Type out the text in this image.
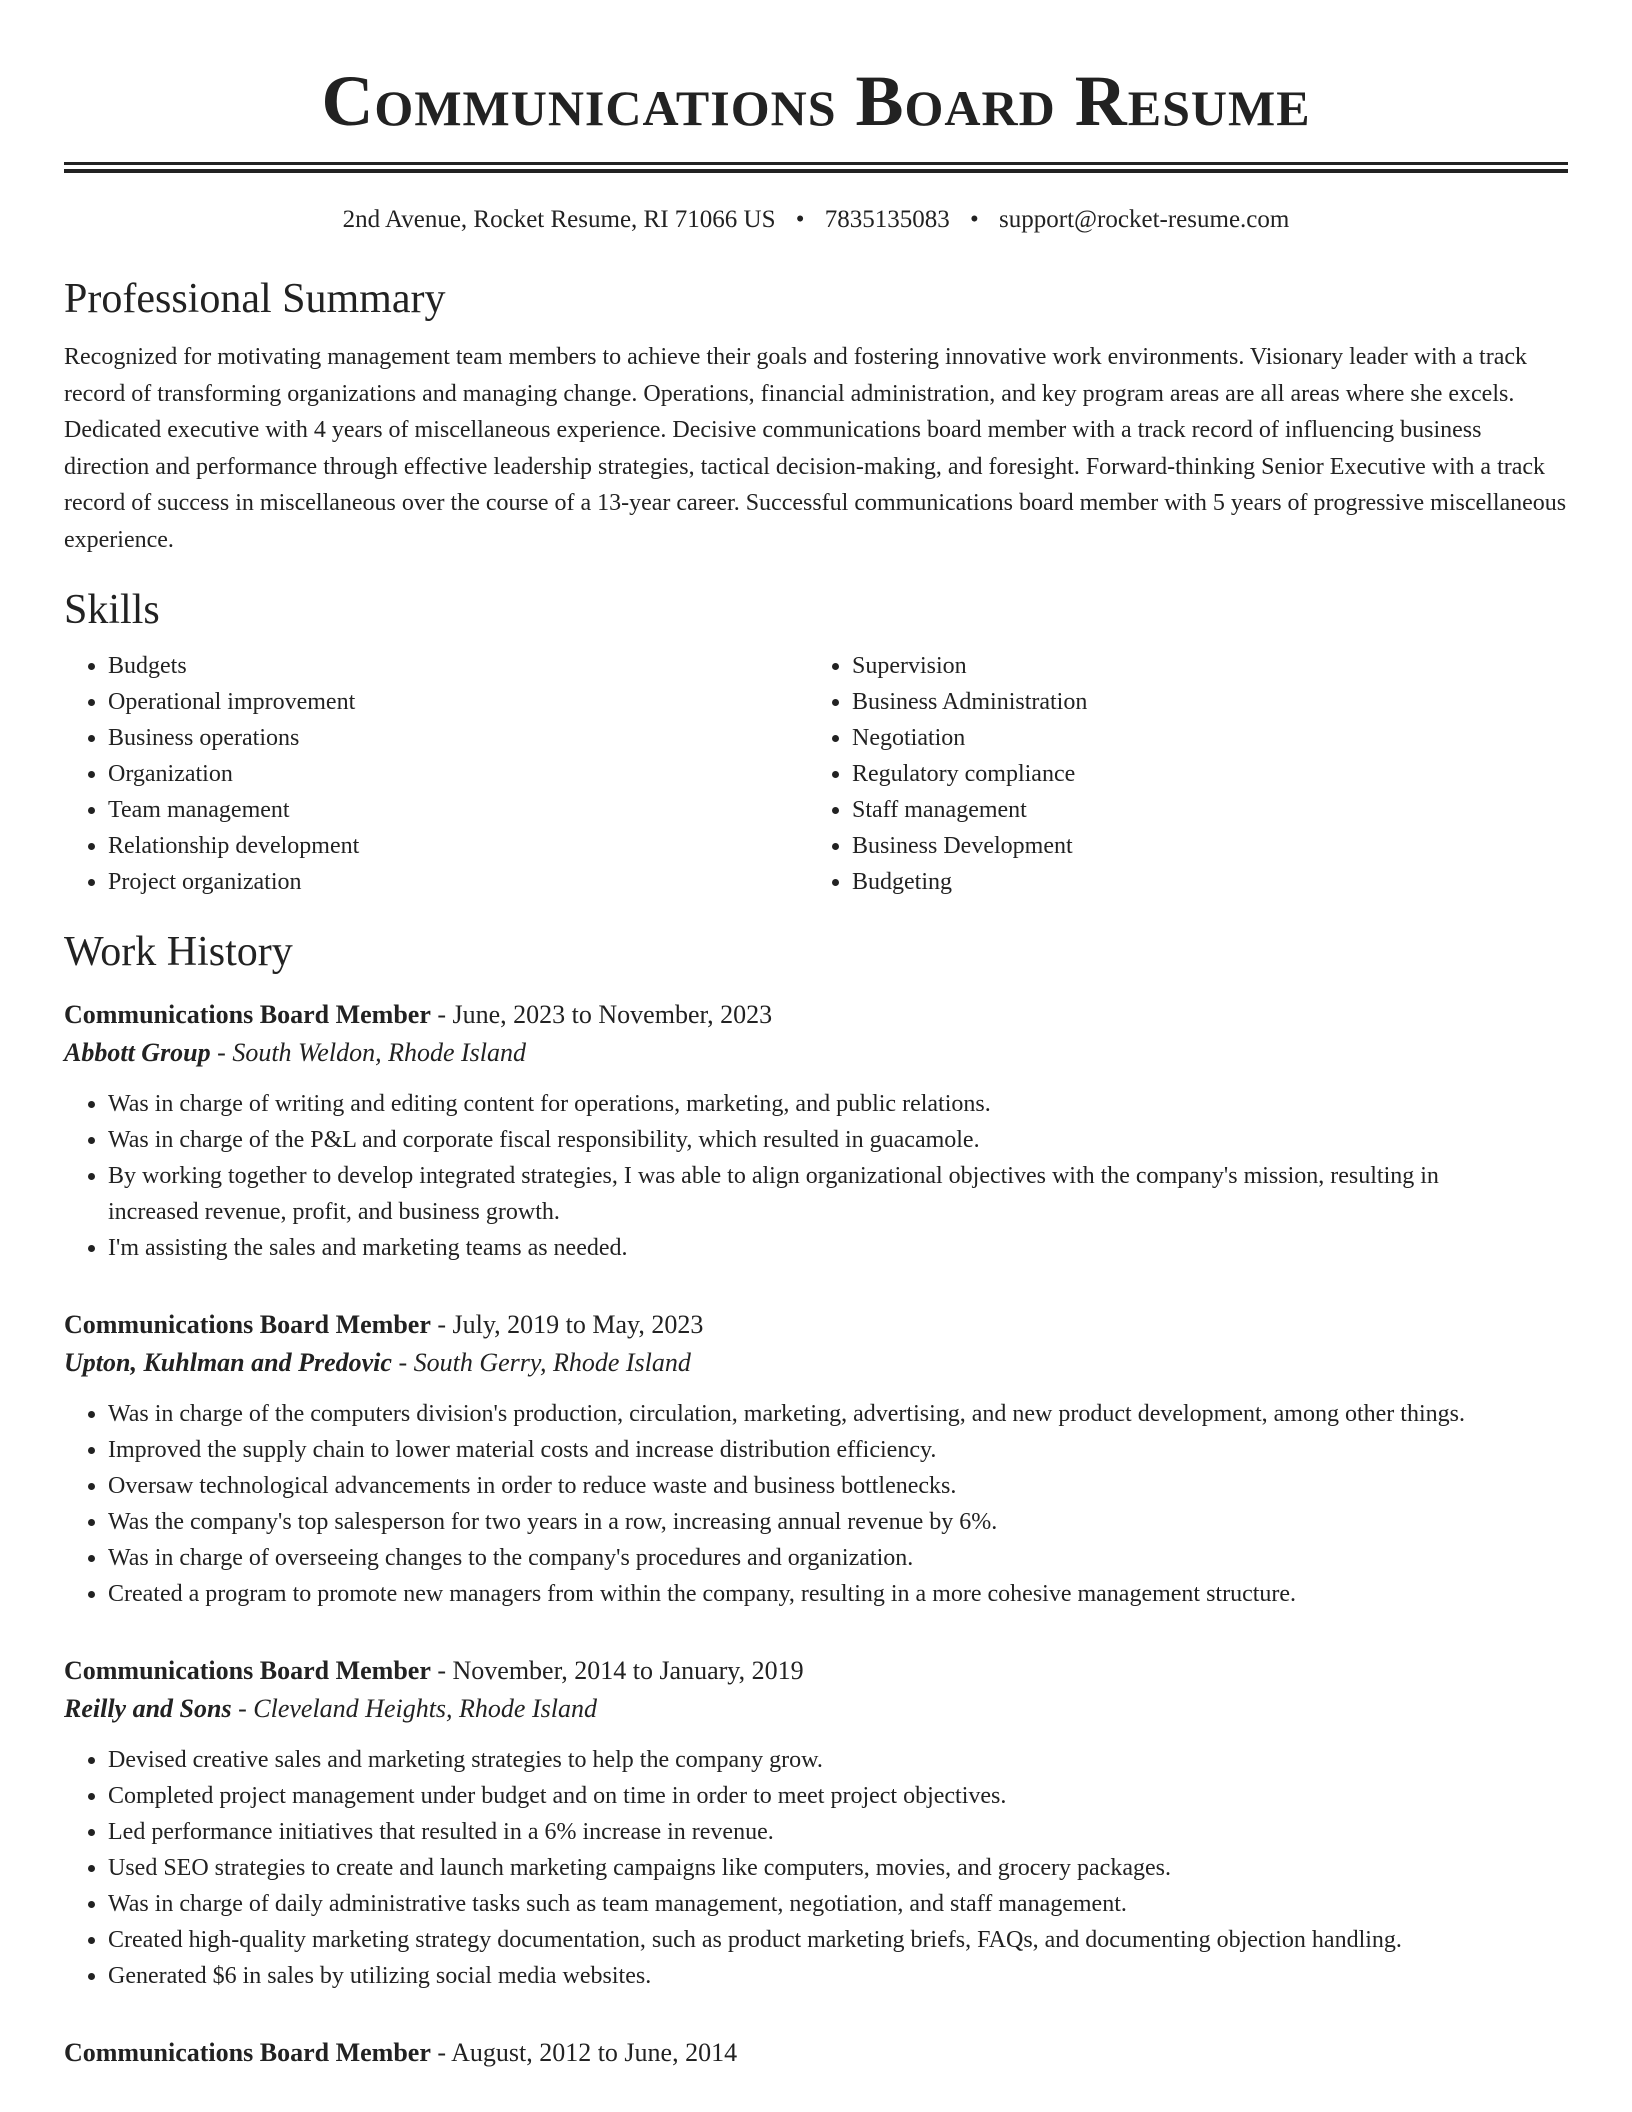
Communications Board Resume
2nd Avenue, Rocket Resume, RI 71066 US • 7835135083 • support@rocket-resume.com
Professional Summary

Recognized for motivating management team members to achieve their goals and fostering innovative work environments. Visionary leader with a track record of transforming organizations and managing change. Operations, financial administration, and key program areas are all areas where she excels. Dedicated executive with 4 years of miscellaneous experience. Decisive communications board member with a track record of influencing business direction and performance through effective leadership strategies, tactical decision-making, and foresight. Forward-thinking Senior Executive with a track record of success in miscellaneous over the course of a 13-year career. Successful communications board member with 5 years of progressive miscellaneous experience.

Skills
• Budgets
• Operational improvement
• Business operations
• Organization
• Team management
• Relationship development
• Project organization
• Supervision
• Business Administration
• Negotiation
• Regulatory compliance
• Staff management
• Business Development
• Budgeting
Work History
Communications Board Member - June, 2023 to November, 2023
Abbott Group - South Weldon, Rhode Island
• Was in charge of writing and editing content for operations, marketing, and public relations.
• Was in charge of the P&L and corporate fiscal responsibility, which resulted in guacamole.
• By working together to develop integrated strategies, I was able to align organizational objectives with the company's mission, resulting in increased revenue, profit, and business growth.
• I'm assisting the sales and marketing teams as needed.
Communications Board Member - July, 2019 to May, 2023
Upton, Kuhlman and Predovic - South Gerry, Rhode Island
• Was in charge of the computers division's production, circulation, marketing, advertising, and new product development, among other things.
• Improved the supply chain to lower material costs and increase distribution efficiency.
• Oversaw technological advancements in order to reduce waste and business bottlenecks.
• Was the company's top salesperson for two years in a row, increasing annual revenue by 6%.
• Was in charge of overseeing changes to the company's procedures and organization.
• Created a program to promote new managers from within the company, resulting in a more cohesive management structure.
Communications Board Member - November, 2014 to January, 2019
Reilly and Sons - Cleveland Heights, Rhode Island
• Devised creative sales and marketing strategies to help the company grow.
• Completed project management under budget and on time in order to meet project objectives.
• Led performance initiatives that resulted in a 6% increase in revenue.
• Used SEO strategies to create and launch marketing campaigns like computers, movies, and grocery packages.
• Was in charge of daily administrative tasks such as team management, negotiation, and staff management.
• Created high-quality marketing strategy documentation, such as product marketing briefs, FAQs, and documenting objection handling.
• Generated $6 in sales by utilizing social media websites.
Communications Board Member - August, 2012 to June, 2014
